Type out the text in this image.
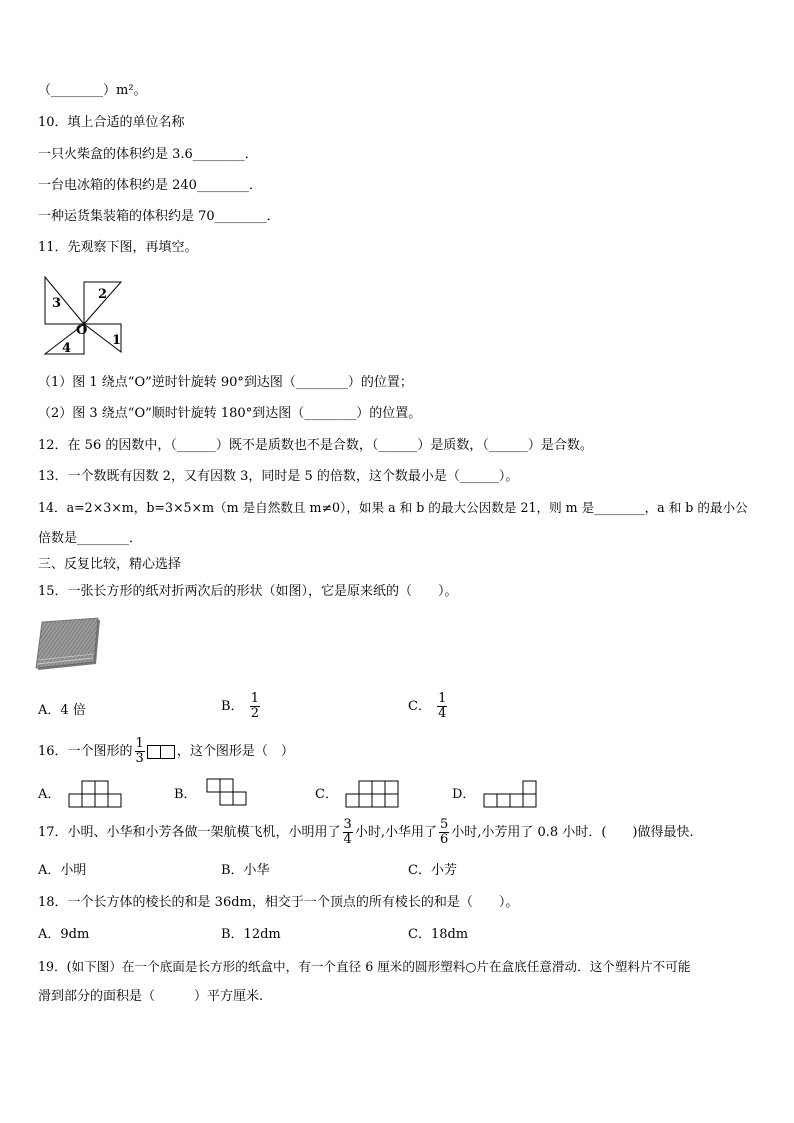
（________）m²。
10．填上合适的单位名称
一只火柴盒的体积约是 3.6________．
一台电冰箱的体积约是 240________．
一种运货集装箱的体积约是 70________．
11．先观察下图，再填空。
3
2
1
4
O
（1）图 1 绕点“O”逆时针旋转 90°到达图（________）的位置；
（2）图 3 绕点“O”顺时针旋转 180°到达图（________）的位置。
12．在 56 的因数中，（______）既不是质数也不是合数，（______）是质数，（______）是合数。
13．一个数既有因数 2，又有因数 3，同时是 5 的倍数，这个数最小是（______）。
14．a=2×3×m，b=3×5×m（m 是自然数且 m≠0），如果 a 和 b 的最大公因数是 21，则 m 是________，a 和 b 的最小公
倍数是________．
三、反复比较，精心选择
15．一张长方形的纸对折两次后的形状（如图），它是原来纸的（　　）。
A．4 倍	B． $\frac{1}{2}$	C． $\frac{1}{4}$
16．一个图形的 $\frac{1}{3}$ ，这个图形是（　）
A．	B．	C．	D．
17．小明、小华和小芳各做一架航模飞机，小明用了 $\frac{3}{4}$ 小时,小华用了 $\frac{5}{6}$ 小时,小芳用了 0.8 小时．(　　)做得最快.
A．小明	B．小华	C．小芳
18．一个长方体的棱长的和是 36dm，相交于一个顶点的所有棱长的和是（　　）。
A．9dm	B．12dm	C．18dm
19．(如下图）在一个底面是长方形的纸盒中，有一个直径 6 厘米的圆形塑料○片在盒底任意滑动．这个塑料片不可能
滑到部分的面积是（　　　）平方厘米.
